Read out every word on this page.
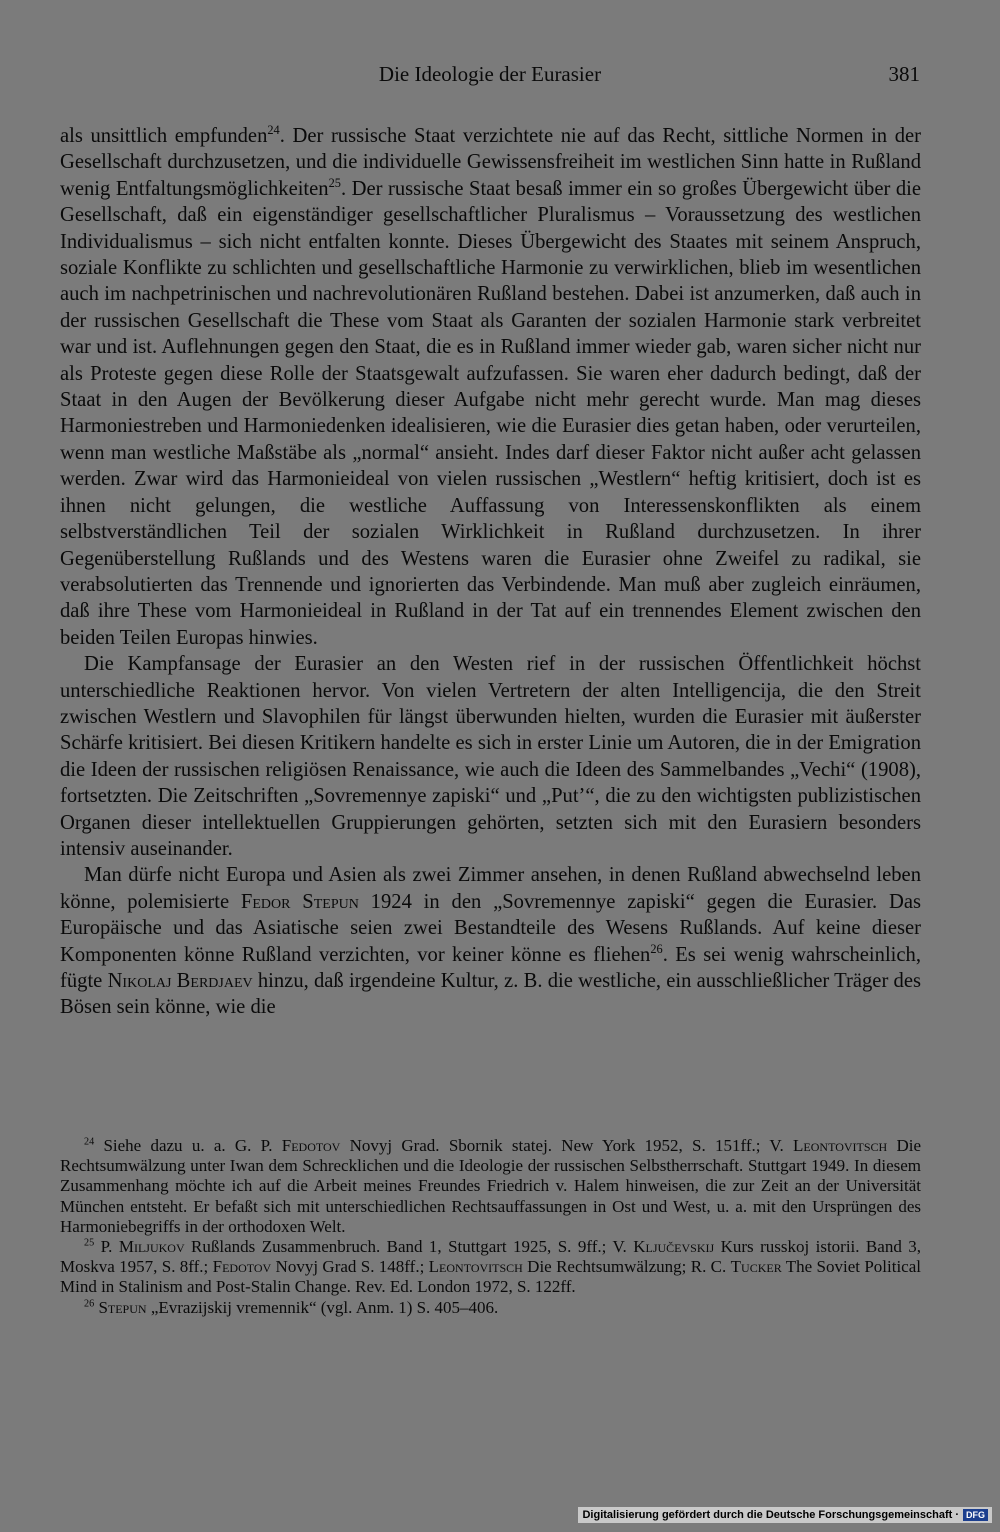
Die Ideologie der Eurasier	381

als unsittlich empfunden$^{24}$. Der russische Staat verzichtete nie auf das Recht, sittliche Normen in der Gesellschaft durchzusetzen, und die individuelle Gewissensfreiheit im westlichen Sinn hatte in Rußland wenig Entfaltungsmöglichkeiten$^{25}$. Der russische Staat besaß immer ein so großes Übergewicht über die Gesellschaft, daß ein eigenständiger gesellschaftlicher Pluralismus – Voraussetzung des westlichen Individualismus – sich nicht entfalten konnte. Dieses Übergewicht des Staates mit seinem Anspruch, soziale Konflikte zu schlichten und gesellschaftliche Harmonie zu verwirklichen, blieb im wesentlichen auch im nachpetrinischen und nachrevolutionären Rußland bestehen. Dabei ist anzumerken, daß auch in der russischen Gesellschaft die These vom Staat als Garanten der sozialen Harmonie stark verbreitet war und ist. Auflehnungen gegen den Staat, die es in Rußland immer wieder gab, waren sicher nicht nur als Proteste gegen diese Rolle der Staatsgewalt aufzufassen. Sie waren eher dadurch bedingt, daß der Staat in den Augen der Bevölkerung dieser Aufgabe nicht mehr gerecht wurde. Man mag dieses Harmoniestreben und Harmoniedenken idealisieren, wie die Eurasier dies getan haben, oder verurteilen, wenn man westliche Maßstäbe als „normal“ ansieht. Indes darf dieser Faktor nicht außer acht gelassen werden. Zwar wird das Harmonieideal von vielen russischen „Westlern“ heftig kritisiert, doch ist es ihnen nicht gelungen, die westliche Auffassung von Interessenskonflikten als einem selbstverständlichen Teil der sozialen Wirklichkeit in Rußland durchzusetzen. In ihrer Gegenüberstellung Rußlands und des Westens waren die Eurasier ohne Zweifel zu radikal, sie verabsolutierten das Trennende und ignorierten das Verbindende. Man muß aber zugleich einräumen, daß ihre These vom Harmonieideal in Rußland in der Tat auf ein trennendes Element zwischen den beiden Teilen Europas hinwies.

Die Kampfansage der Eurasier an den Westen rief in der russischen Öffentlichkeit höchst unterschiedliche Reaktionen hervor. Von vielen Vertretern der alten Intelligencija, die den Streit zwischen Westlern und Slavophilen für längst überwunden hielten, wurden die Eurasier mit äußerster Schärfe kritisiert. Bei diesen Kritikern handelte es sich in erster Linie um Autoren, die in der Emigration die Ideen der russischen religiösen Renaissance, wie auch die Ideen des Sammelbandes „Vechi“ (1908), fortsetzten. Die Zeitschriften „Sovremennye zapiski“ und „Put’“, die zu den wichtigsten publizistischen Organen dieser intellektuellen Gruppierungen gehörten, setzten sich mit den Eurasiern besonders intensiv auseinander.

Man dürfe nicht Europa und Asien als zwei Zimmer ansehen, in denen Rußland abwechselnd leben könne, polemisierte Fedor Stepun 1924 in den „Sovremennye zapiski“ gegen die Eurasier. Das Europäische und das Asiatische seien zwei Bestandteile des Wesens Rußlands. Auf keine dieser Komponenten könne Rußland verzichten, vor keiner könne es fliehen$^{26}$. Es sei wenig wahrscheinlich, fügte Nikolaj Berdjaev hinzu, daß irgendeine Kultur, z. B. die westliche, ein ausschließlicher Träger des Bösen sein könne, wie die

$^{24}$ Siehe dazu u. a. G. P. Fedotov Novyj Grad. Sbornik statej. New York 1952, S. 151ff.; V. Leontovitsch Die Rechtsumwälzung unter Iwan dem Schrecklichen und die Ideologie der russischen Selbstherrschaft. Stuttgart 1949. In diesem Zusammenhang möchte ich auf die Arbeit meines Freundes Friedrich v. Halem hinweisen, die zur Zeit an der Universität München entsteht. Er befaßt sich mit unterschiedlichen Rechtsauffassungen in Ost und West, u. a. mit den Ursprüngen des Harmoniebegriffs in der orthodoxen Welt.

$^{25}$ P. Miljukov Rußlands Zusammenbruch. Band 1, Stuttgart 1925, S. 9ff.; V. Ključevskij Kurs russkoj istorii. Band 3, Moskva 1957, S. 8ff.; Fedotov Novyj Grad S. 148ff.; Leontovitsch Die Rechtsumwälzung; R. C. Tucker The Soviet Political Mind in Stalinism and Post-Stalin Change. Rev. Ed. London 1972, S. 122ff.

$^{26}$ Stepun „Evrazijskij vremennik“ (vgl. Anm. 1) S. 405–406.

Digitalisierung gefördert durch die Deutsche Forschungsgemeinschaft · DFG
